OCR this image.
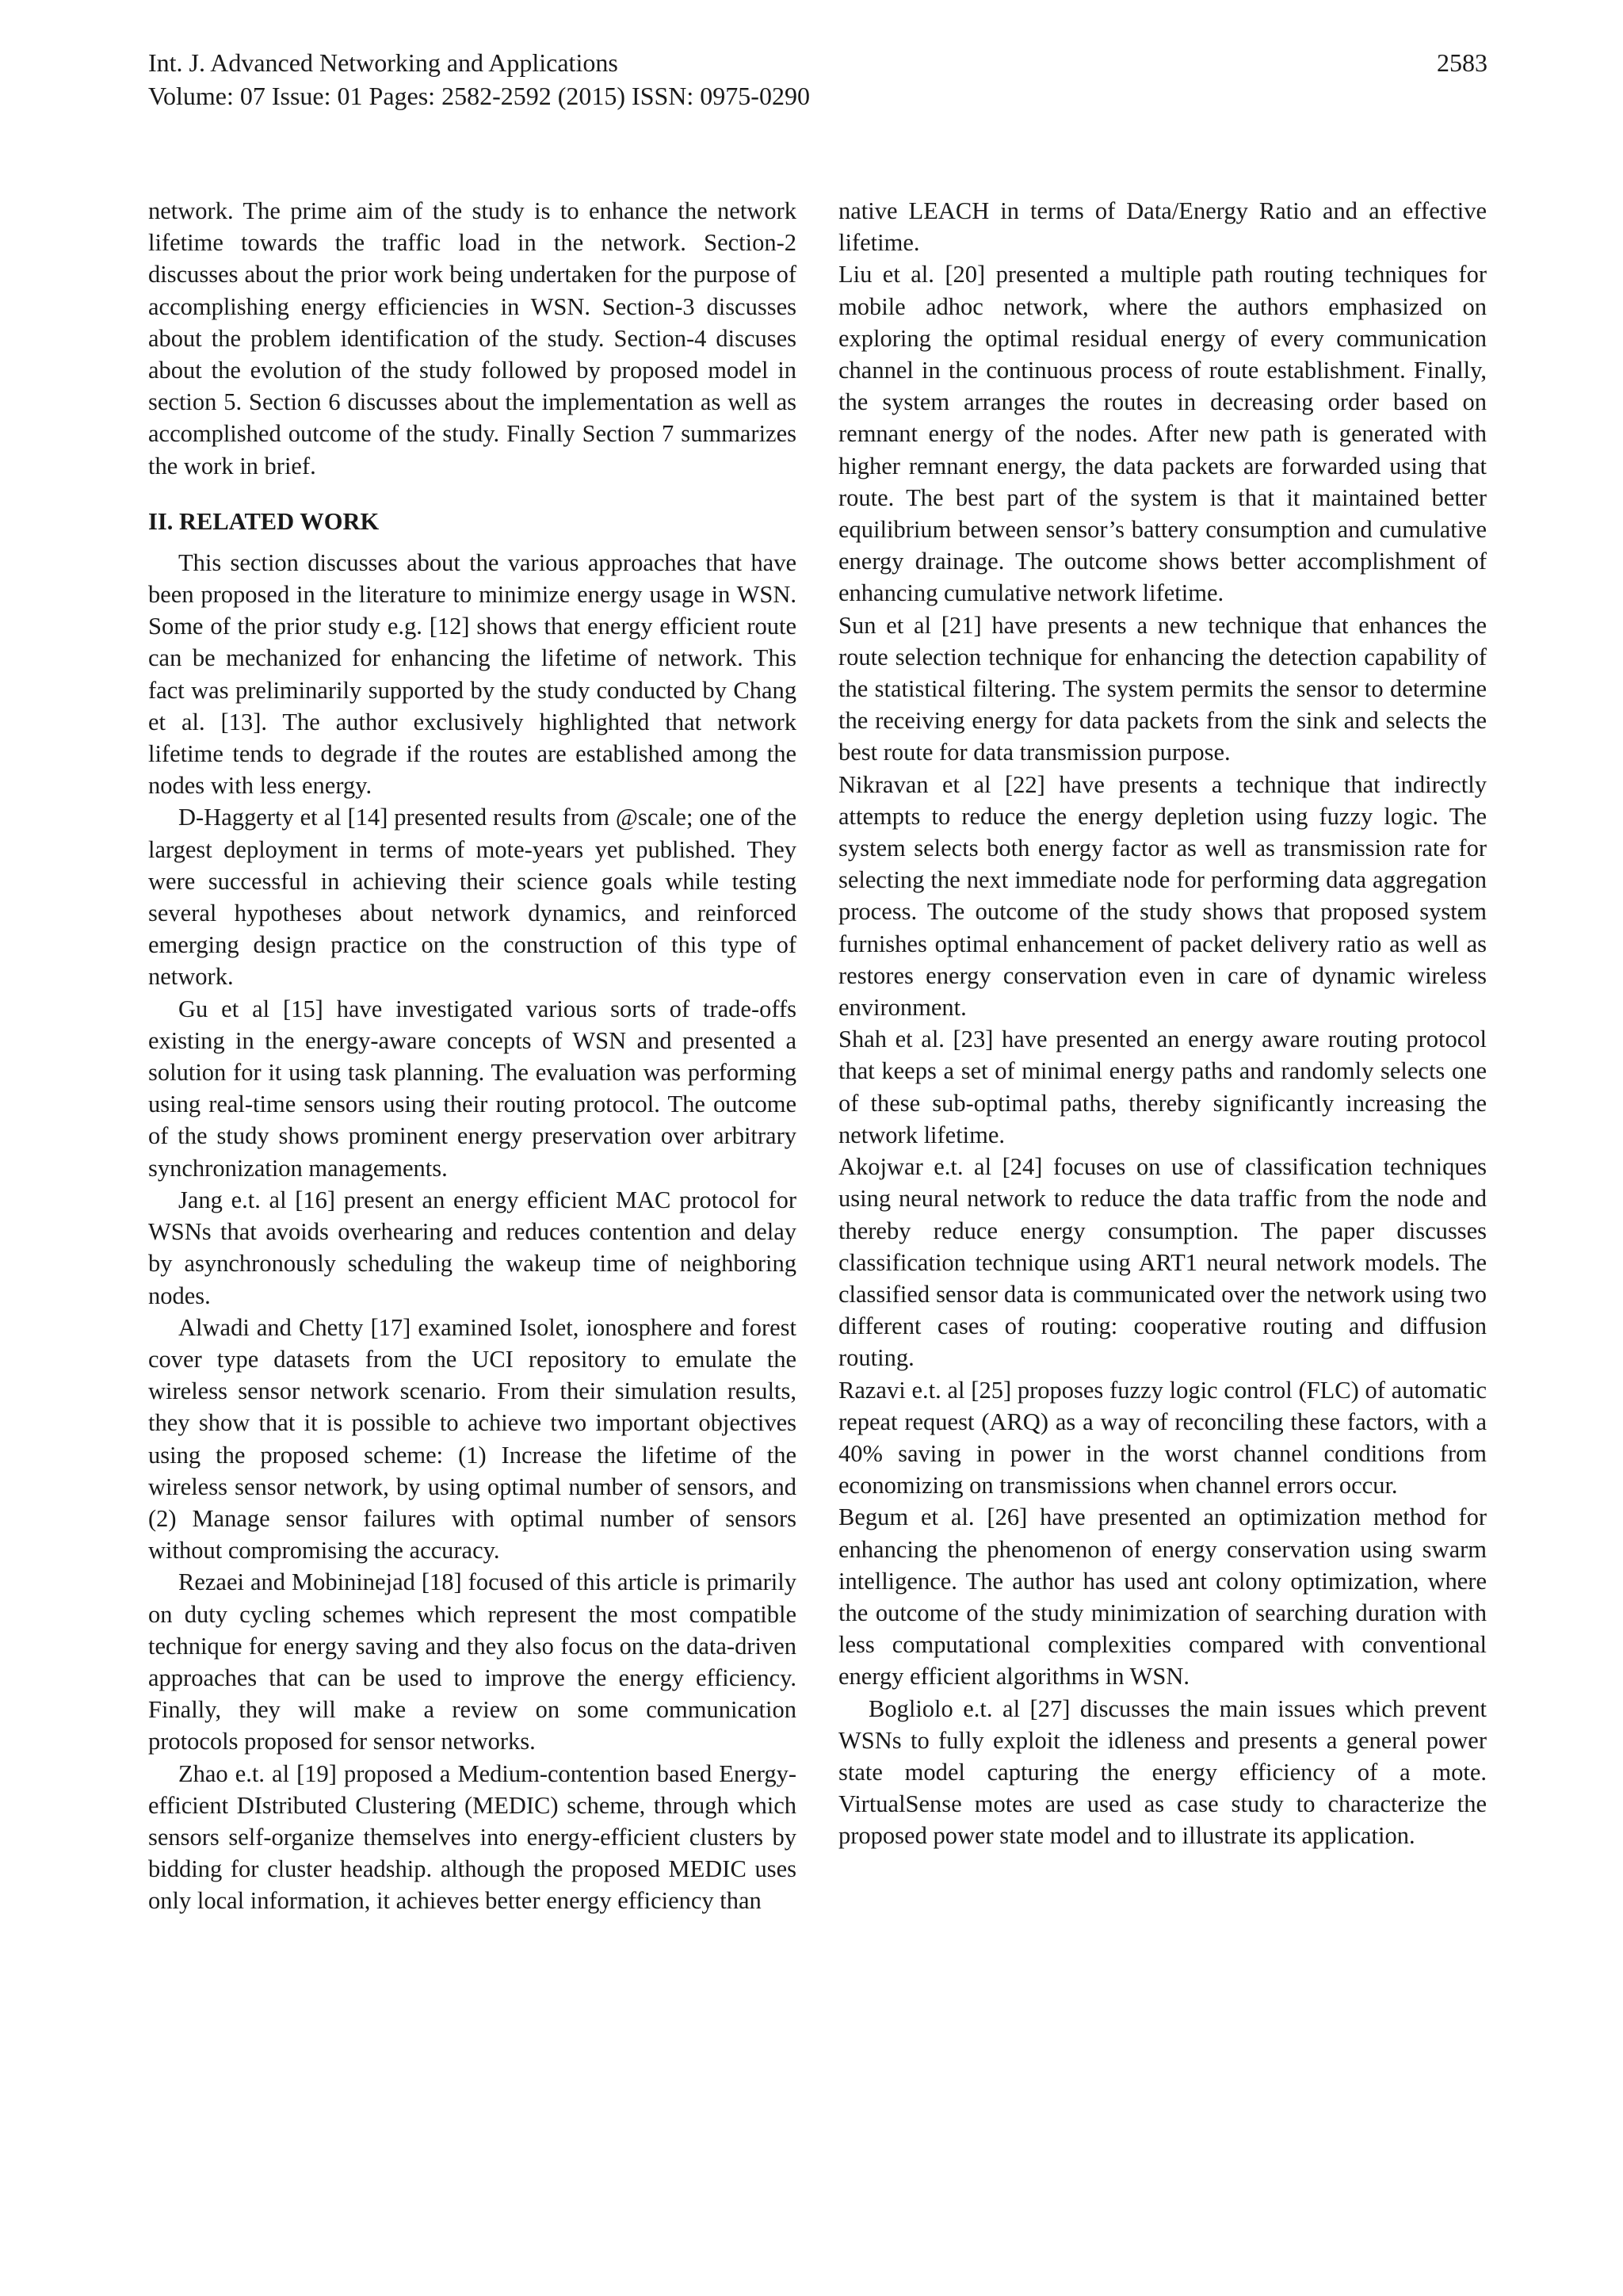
Int. J. Advanced Networking and Applications
Volume: 07 Issue: 01 Pages: 2582-2592 (2015) ISSN: 0975-0290
2583

network. The prime aim of the study is to enhance the network lifetime towards the traffic load in the network. Section-2 discusses about the prior work being undertaken for the purpose of accomplishing energy efficiencies in WSN. Section-3 discusses about the problem identification of the study. Section-4 discuses about the evolution of the study followed by proposed model in section 5. Section 6 discusses about the implementation as well as accomplished outcome of the study. Finally Section 7 summarizes the work in brief.

II. RELATED WORK

This section discusses about the various approaches that have been proposed in the literature to minimize energy usage in WSN. Some of the prior study e.g. [12] shows that energy efficient route can be mechanized for enhancing the lifetime of network. This fact was preliminarily supported by the study conducted by Chang et al. [13]. The author exclusively highlighted that network lifetime tends to degrade if the routes are established among the nodes with less energy.

D-Haggerty et al [14] presented results from @scale; one of the largest deployment in terms of mote-years yet published. They were successful in achieving their science goals while testing several hypotheses about network dynamics, and reinforced emerging design practice on the construction of this type of network.

Gu et al [15] have investigated various sorts of trade-offs existing in the energy-aware concepts of WSN and presented a solution for it using task planning. The evaluation was performing using real-time sensors using their routing protocol. The outcome of the study shows prominent energy preservation over arbitrary synchronization managements.

Jang e.t. al [16] present an energy efficient MAC protocol for WSNs that avoids overhearing and reduces contention and delay by asynchronously scheduling the wakeup time of neighboring nodes.

Alwadi and Chetty [17] examined Isolet, ionosphere and forest cover type datasets from the UCI repository to emulate the wireless sensor network scenario. From their simulation results, they show that it is possible to achieve two important objectives using the proposed scheme: (1) Increase the lifetime of the wireless sensor network, by using optimal number of sensors, and (2) Manage sensor failures with optimal number of sensors without compromising the accuracy.

Rezaei and Mobininejad [18] focused of this article is primarily on duty cycling schemes which represent the most compatible technique for energy saving and they also focus on the data-driven approaches that can be used to improve the energy efficiency. Finally, they will make a review on some communication protocols proposed for sensor networks.

Zhao e.t. al [19] proposed a Medium-contention based Energy-efficient DIstributed Clustering (MEDIC) scheme, through which sensors self-organize themselves into energy-efficient clusters by bidding for cluster headship. although the proposed MEDIC uses only local information, it achieves better energy efficiency than

native LEACH in terms of Data/Energy Ratio and an effective lifetime.

Liu et al. [20] presented a multiple path routing techniques for mobile adhoc network, where the authors emphasized on exploring the optimal residual energy of every communication channel in the continuous process of route establishment. Finally, the system arranges the routes in decreasing order based on remnant energy of the nodes. After new path is generated with higher remnant energy, the data packets are forwarded using that route. The best part of the system is that it maintained better equilibrium between sensor’s battery consumption and cumulative energy drainage. The outcome shows better accomplishment of enhancing cumulative network lifetime.

Sun et al [21] have presents a new technique that enhances the route selection technique for enhancing the detection capability of the statistical filtering. The system permits the sensor to determine the receiving energy for data packets from the sink and selects the best route for data transmission purpose.

Nikravan et al [22] have presents a technique that indirectly attempts to reduce the energy depletion using fuzzy logic. The system selects both energy factor as well as transmission rate for selecting the next immediate node for performing data aggregation process. The outcome of the study shows that proposed system furnishes optimal enhancement of packet delivery ratio as well as restores energy conservation even in care of dynamic wireless environment.

Shah et al. [23] have presented an energy aware routing protocol that keeps a set of minimal energy paths and randomly selects one of these sub-optimal paths, thereby significantly increasing the network lifetime.

Akojwar e.t. al [24] focuses on use of classification techniques using neural network to reduce the data traffic from the node and thereby reduce energy consumption. The paper discusses classification technique using ART1 neural network models. The classified sensor data is communicated over the network using two different cases of routing: cooperative routing and diffusion routing.

Razavi e.t. al [25] proposes fuzzy logic control (FLC) of automatic repeat request (ARQ) as a way of reconciling these factors, with a 40% saving in power in the worst channel conditions from economizing on transmissions when channel errors occur.

Begum et al. [26] have presented an optimization method for enhancing the phenomenon of energy conservation using swarm intelligence. The author has used ant colony optimization, where the outcome of the study minimization of searching duration with less computational complexities compared with conventional energy efficient algorithms in WSN.

Bogliolo e.t. al [27] discusses the main issues which prevent WSNs to fully exploit the idleness and presents a general power state model capturing the energy efficiency of a mote. VirtualSense motes are used as case study to characterize the proposed power state model and to illustrate its application.
